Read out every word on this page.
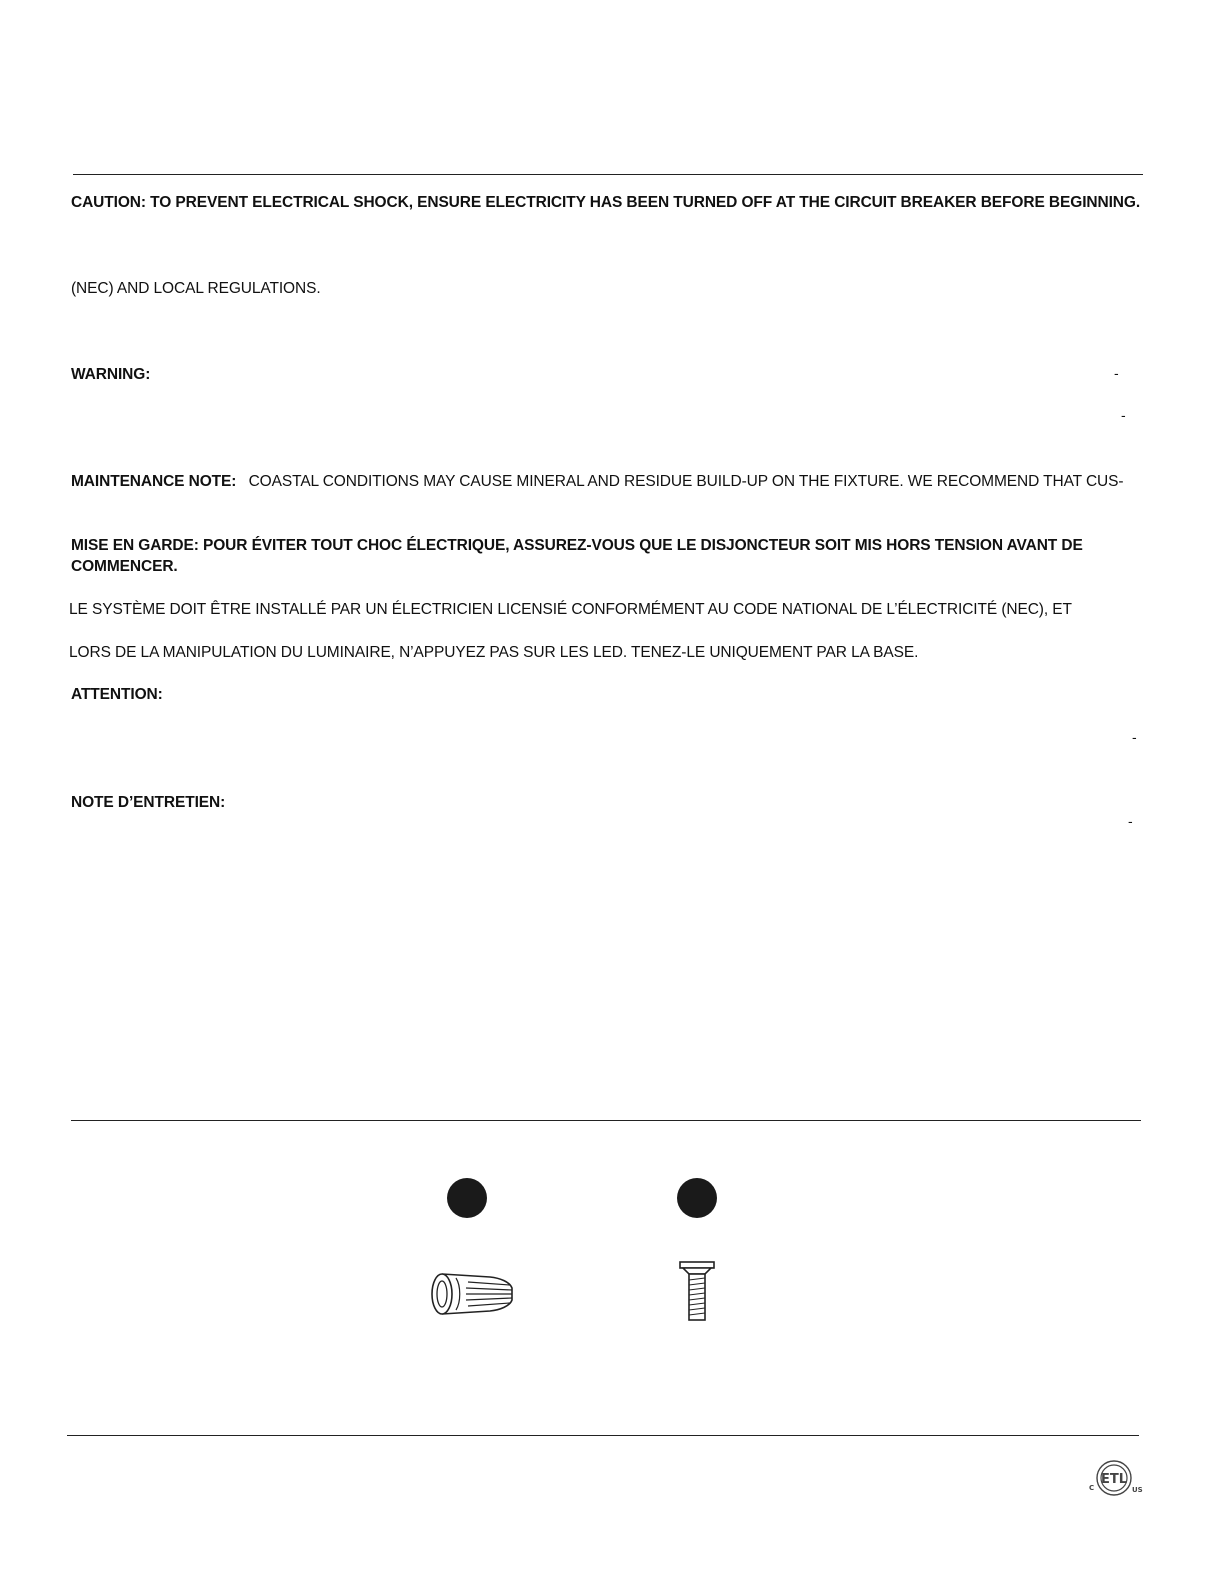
CAUTION: TO PREVENT ELECTRICAL SHOCK, ENSURE ELECTRICITY HAS BEEN TURNED OFF AT THE CIRCUIT BREAKER BEFORE BEGINNING.
(NEC) AND LOCAL REGULATIONS.
WARNING:	-
-
MAINTENANCE NOTE: COASTAL CONDITIONS MAY CAUSE MINERAL AND RESIDUE BUILD-UP ON THE FIXTURE. WE RECOMMEND THAT CUS-
MISE EN GARDE: POUR ÉVITER TOUT CHOC ÉLECTRIQUE, ASSUREZ-VOUS QUE LE DISJONCTEUR SOIT MIS HORS TENSION AVANT DE
COMMENCER.
LE SYSTÈME DOIT ÊTRE INSTALLÉ PAR UN ÉLECTRICIEN LICENSIÉ CONFORMÉMENT AU CODE NATIONAL DE L’ÉLECTRICITÉ (NEC), ET
LORS DE LA MANIPULATION DU LUMINAIRE, N’APPUYEZ PAS SUR LES LED. TENEZ-LE UNIQUEMENT PAR LA BASE.
ATTENTION:
-
NOTE D’ENTRETIEN:
-
ETL
C	US
